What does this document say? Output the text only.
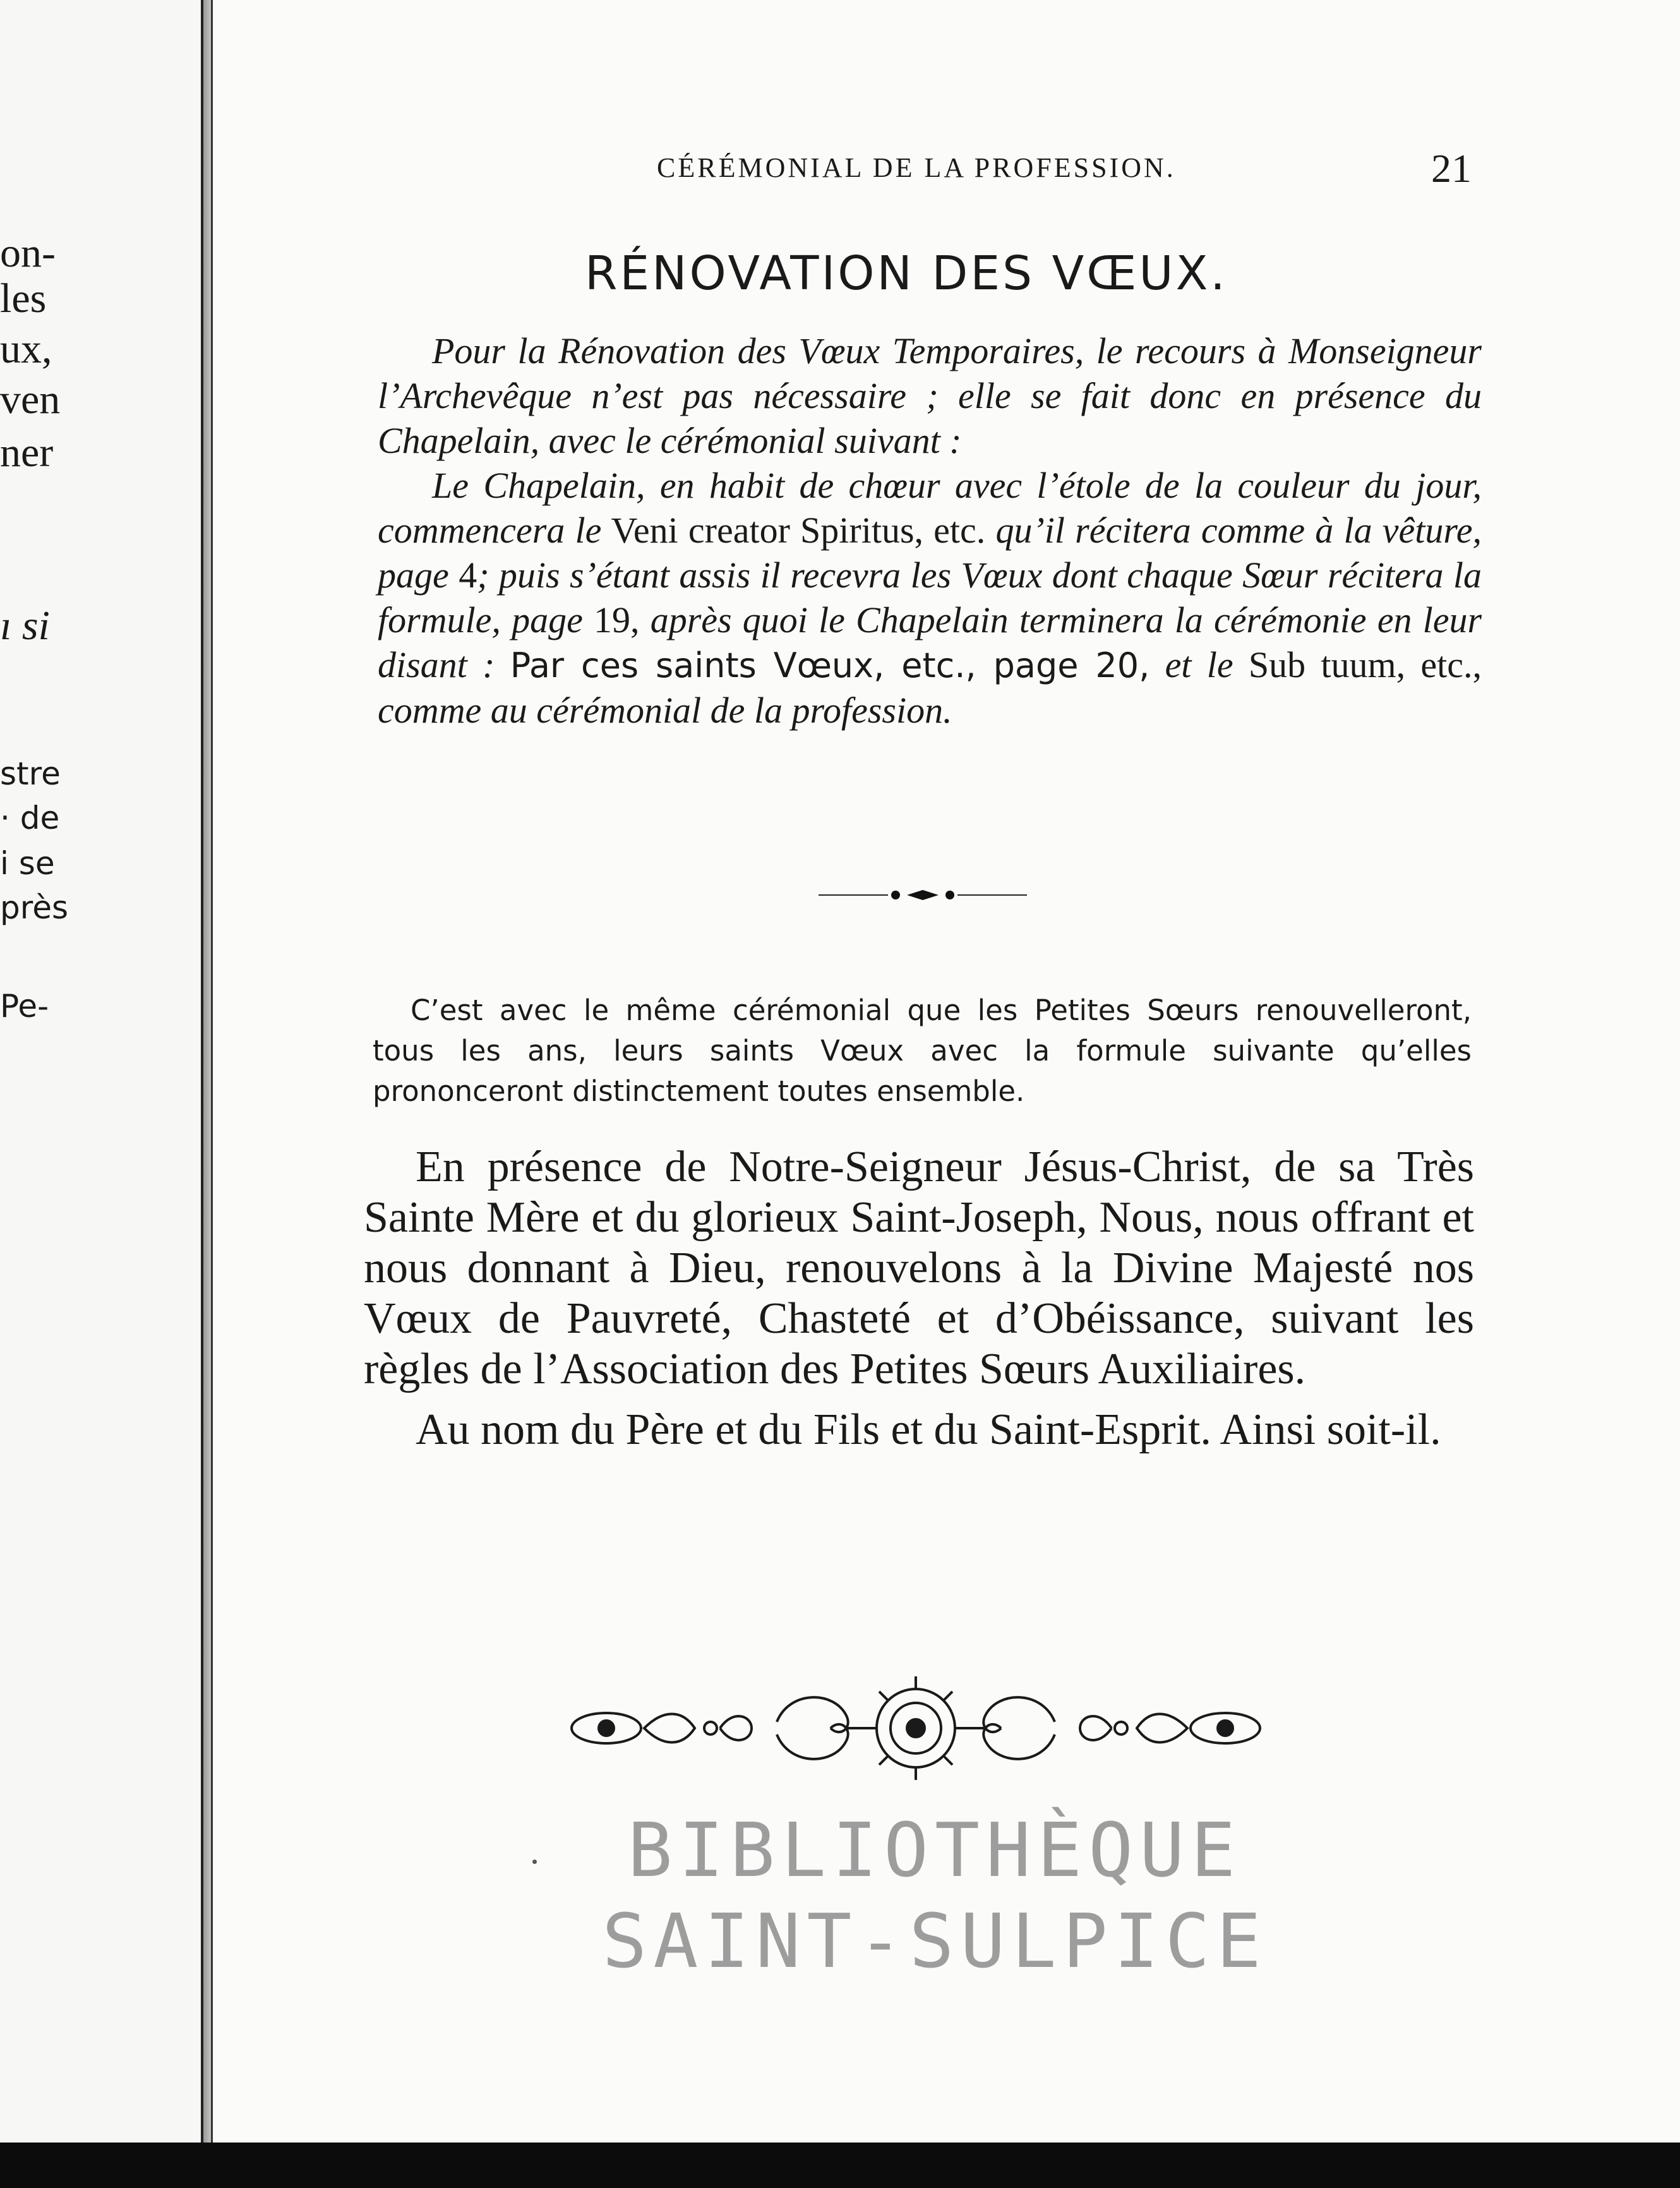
on-
les
ux,
ven
ner
ı si
stre
· de
i se
près
Pe-
CÉRÉMONIAL DE LA PROFESSION.	21
RÉNOVATION DES VŒUX.

Pour la Rénovation des Vœux Temporaires, le recours à Monseigneur l’Archevêque n’est pas nécessaire ; elle se fait donc en présence du Chapelain, avec le cérémonial suivant :

Le Chapelain, en habit de chœur avec l’étole de la couleur du jour, commencera le Veni creator Spiritus, etc. qu’il récitera comme à la vêture, page 4; puis s’étant assis il recevra les Vœux dont chaque Sœur récitera la formule, page 19, après quoi le Chapelain terminera la cérémonie en leur disant : Par ces saints Vœux, etc., page 20, et le Sub tuum, etc., comme au cérémonial de la profession.

C’est avec le même cérémonial que les Petites Sœurs renouvelleront, tous les ans, leurs saints Vœux avec la formule suivante qu’elles prononceront distinctement toutes ensemble.

En présence de Notre-Seigneur Jésus-Christ, de sa Très Sainte Mère et du glorieux Saint-Joseph, Nous, nous offrant et nous donnant à Dieu, renouvelons à la Divine Majesté nos Vœux de Pauvreté, Chasteté et d’Obéissance, suivant les règles de l’Association des Petites Sœurs Auxiliaires.

Au nom du Père et du Fils et du Saint-Esprit. Ainsi soit-il.

BIBLIOTHÈQUE
SAINT-SULPICE
